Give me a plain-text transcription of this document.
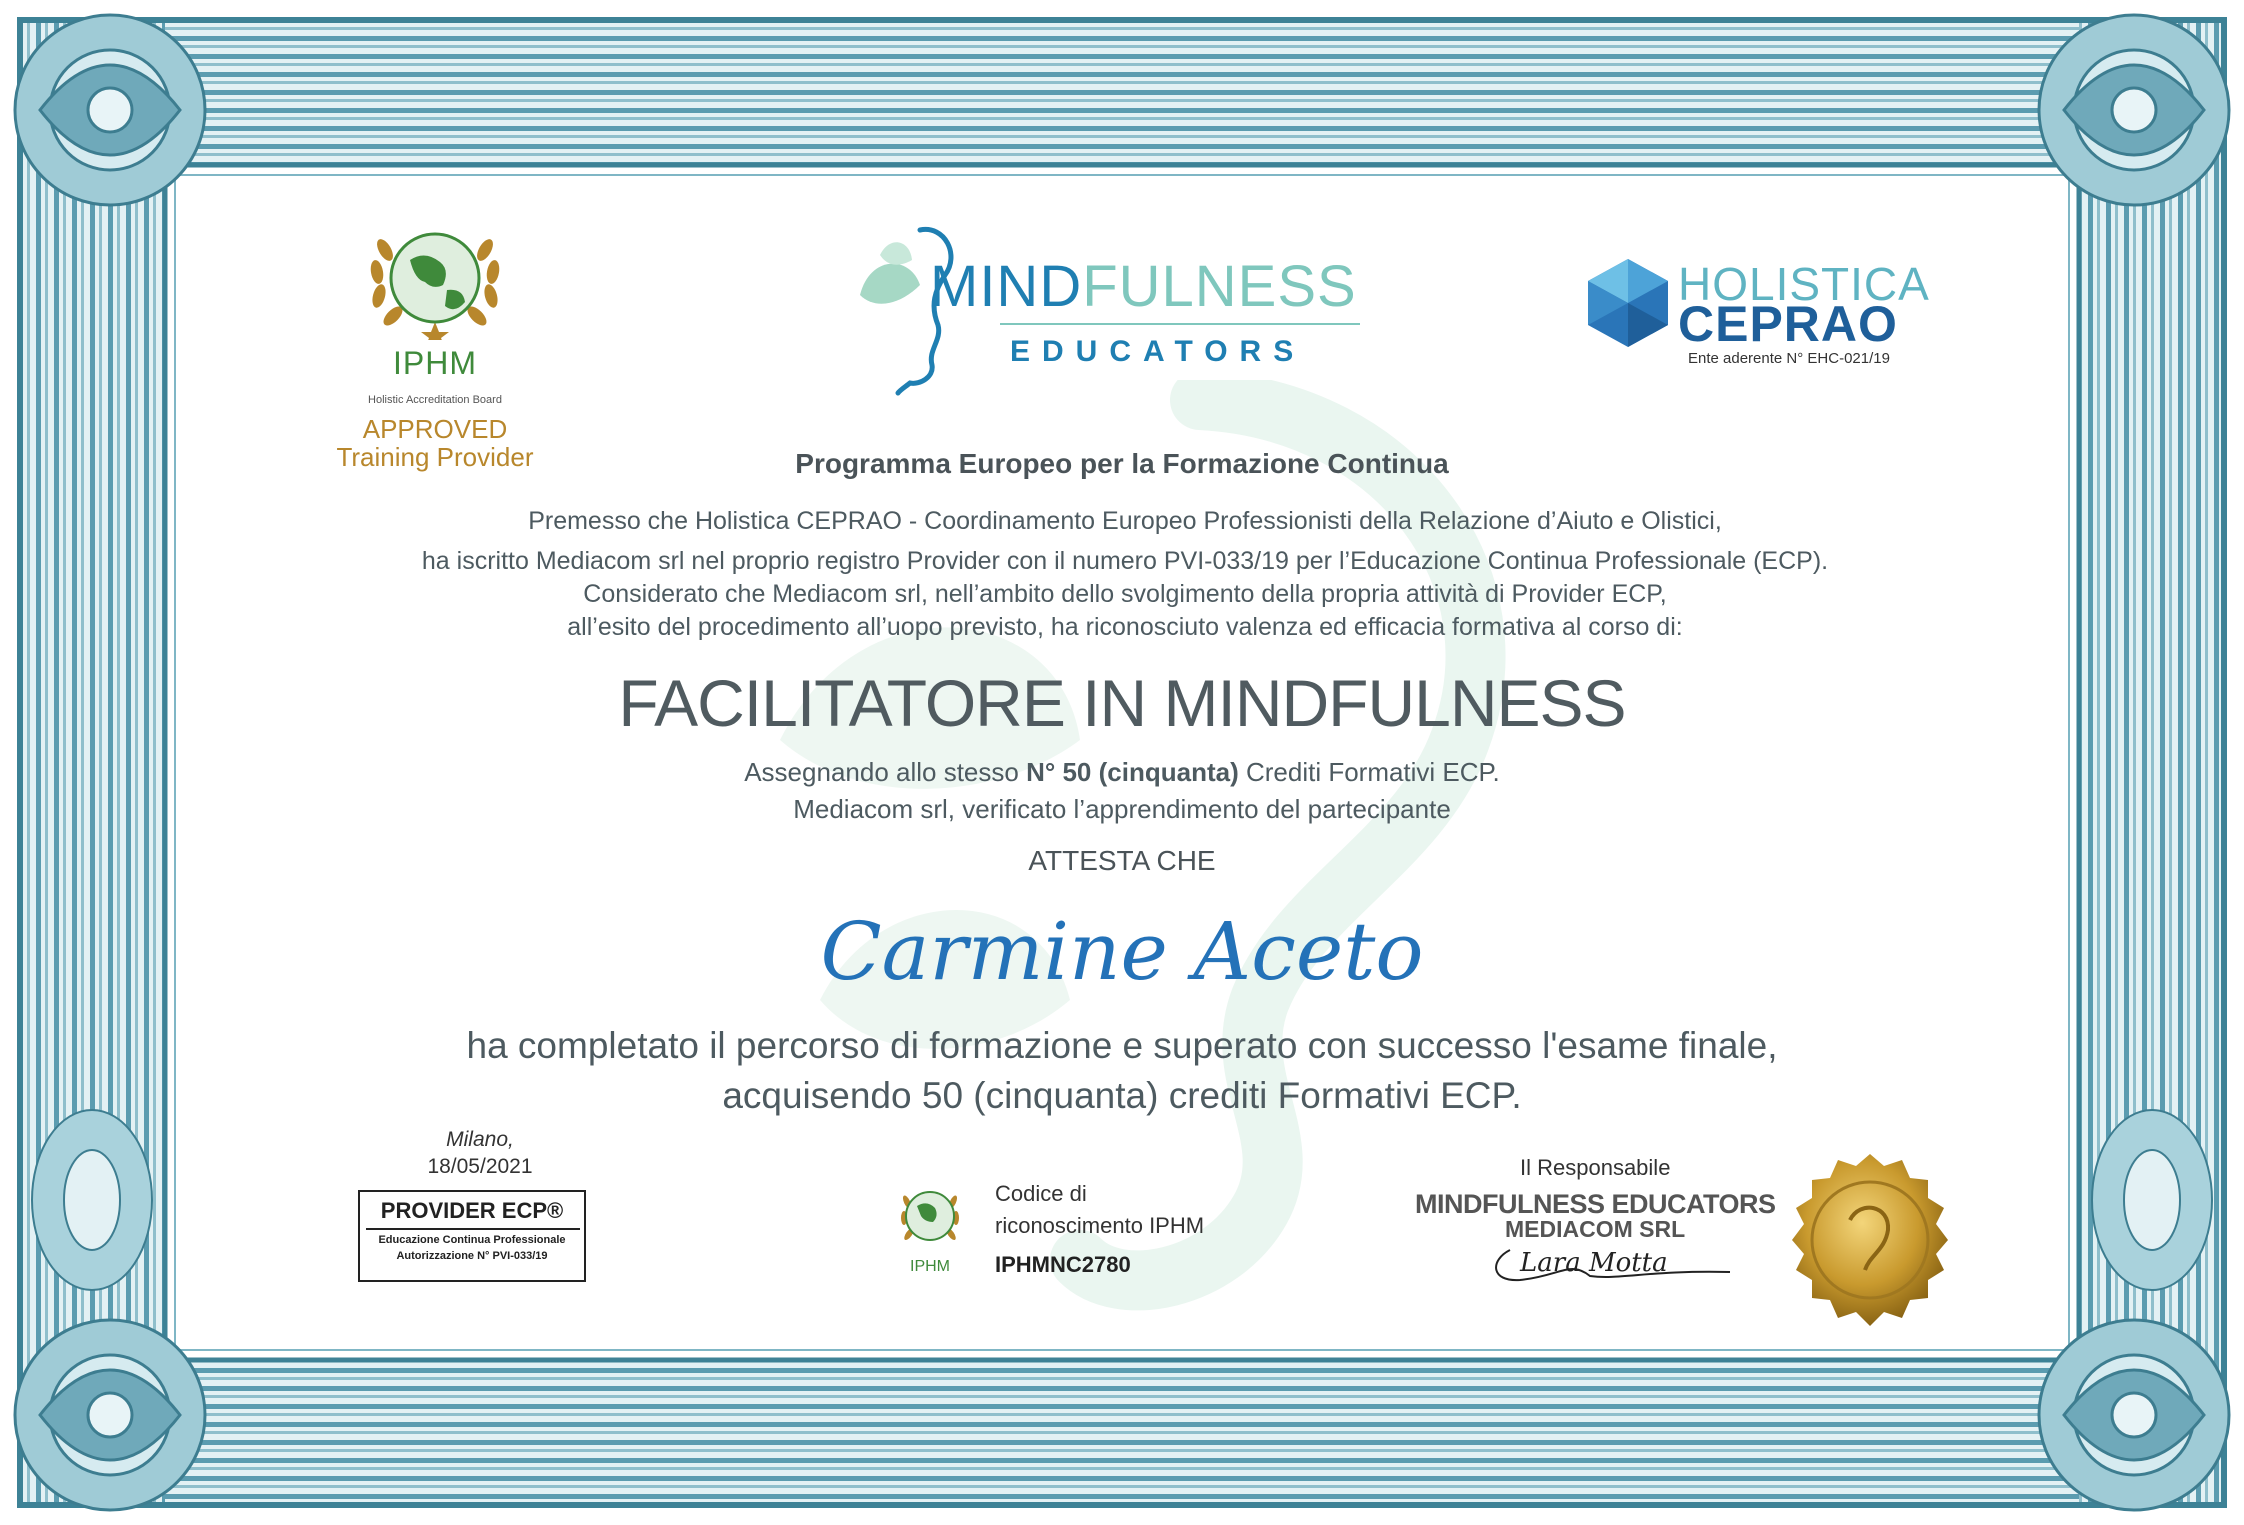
IPHM
Holistic Accreditation Board
APPROVED
Training Provider
MINDFULNESS
EDUCATORS
HOLISTICA
CEPRAO
Ente aderente N° EHC-021/19
Programma Europeo per la Formazione Continua
Premesso che Holistica CEPRAO - Coordinamento Europeo Professionisti della Relazione d’Aiuto e Olistici,
ha iscritto Mediacom srl nel proprio registro Provider con il numero PVI-033/19 per l’Educazione Continua Professionale (ECP).
Considerato che Mediacom srl, nell’ambito dello svolgimento della propria attività di Provider ECP,
all’esito del procedimento all’uopo previsto, ha riconosciuto valenza ed efficacia formativa al corso di:
FACILITATORE IN MINDFULNESS
Assegnando allo stesso N° 50 (cinquanta) Crediti Formativi ECP.
Mediacom srl, verificato l’apprendimento del partecipante
ATTESTA CHE
Carmine Aceto
ha completato il percorso di formazione e superato con successo l'esame finale,
acquisendo 50 (cinquanta) crediti Formativi ECP.
Milano,
18/05/2021
PROVIDER ECP®
Educazione Continua Professionale
Autorizzazione N° PVI-033/19
IPHM
Codice di
riconoscimento IPHM
IPHMNC2780
Il Responsabile
MINDFULNESS EDUCATORS
MEDIACOM SRL
Lara Motta
